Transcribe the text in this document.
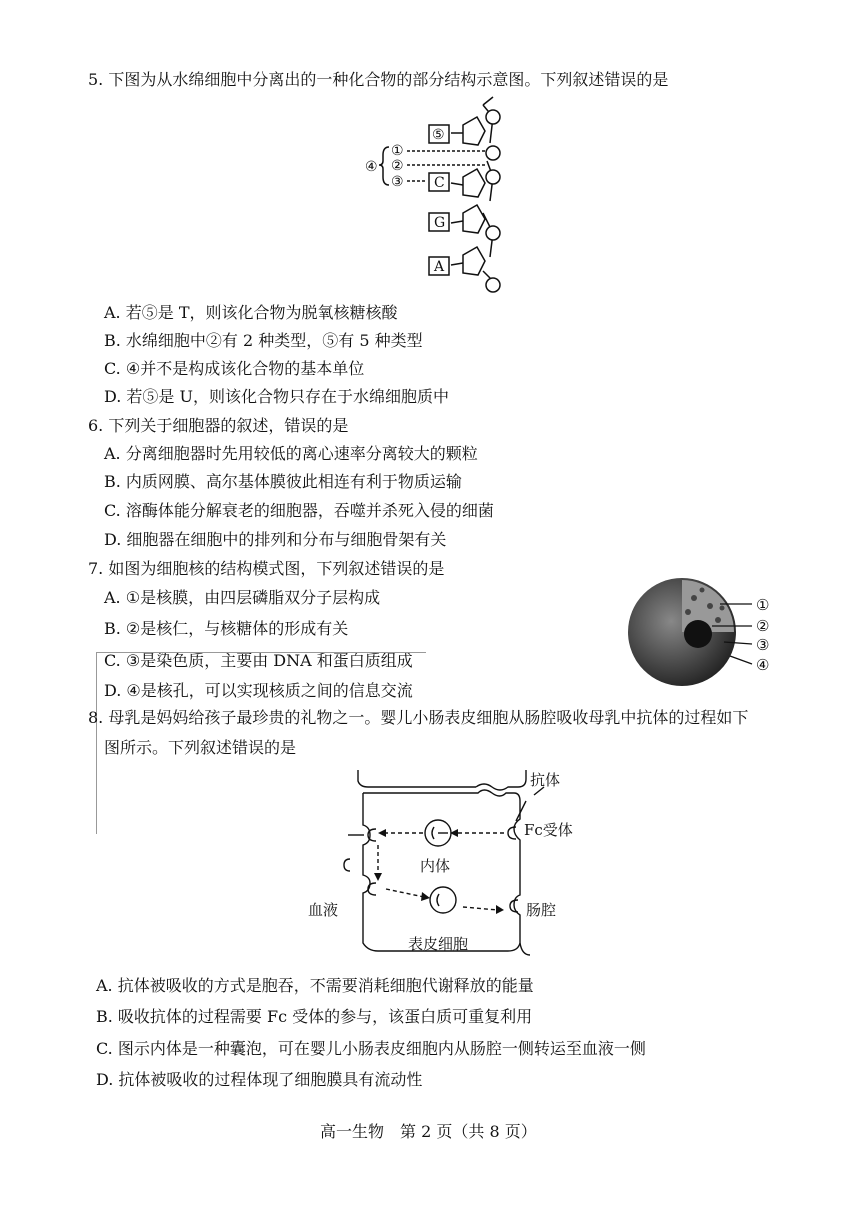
5. 下图为从水绵细胞中分离出的一种化合物的部分结构示意图。下列叙述错误的是
⑤
C
G
A
①
②
③
④
A. 若⑤是 T，则该化合物为脱氧核糖核酸
B. 水绵细胞中②有 2 种类型，⑤有 5 种类型
C. ④并不是构成该化合物的基本单位
D. 若⑤是 U，则该化合物只存在于水绵细胞质中
6. 下列关于细胞器的叙述，错误的是
A. 分离细胞器时先用较低的离心速率分离较大的颗粒
B. 内质网膜、高尔基体膜彼此相连有利于物质运输
C. 溶酶体能分解衰老的细胞器，吞噬并杀死入侵的细菌
D. 细胞器在细胞中的排列和分布与细胞骨架有关
7. 如图为细胞核的结构模式图，下列叙述错误的是
A. ①是核膜，由四层磷脂双分子层构成
B. ②是核仁，与核糖体的形成有关
C. ③是染色质，主要由 DNA 和蛋白质组成
D. ④是核孔，可以实现核质之间的信息交流
①
②
③
④
8. 母乳是妈妈给孩子最珍贵的礼物之一。婴儿小肠表皮细胞从肠腔吸收母乳中抗体的过程如下
图所示。下列叙述错误的是
抗体
Fc受体
内体
血液	肠腔
表皮细胞
A. 抗体被吸收的方式是胞吞，不需要消耗细胞代谢释放的能量
B. 吸收抗体的过程需要 Fc 受体的参与，该蛋白质可重复利用
C. 图示内体是一种囊泡，可在婴儿小肠表皮细胞内从肠腔一侧转运至血液一侧
D. 抗体被吸收的过程体现了细胞膜具有流动性
高一生物　第 2 页（共 8 页）
